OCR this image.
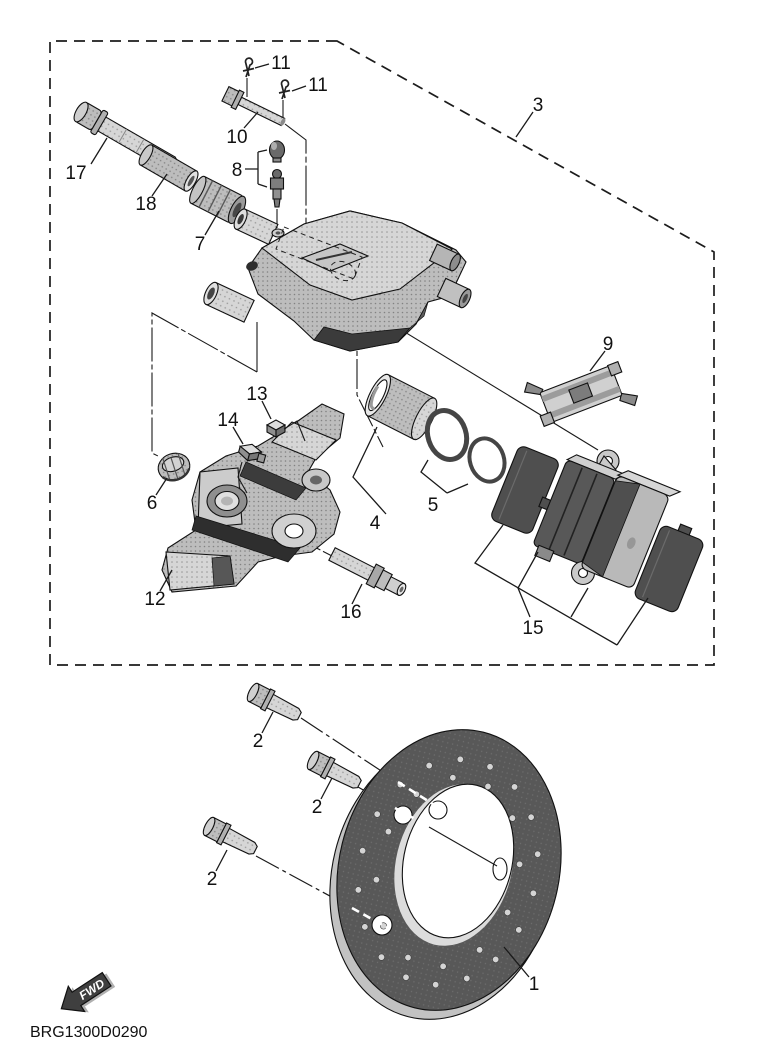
17
18
7
10
11
11
8
3
9
13
14
6
4
5
12
16
15
2
2
2
1
FWD
BRG1300D0290
